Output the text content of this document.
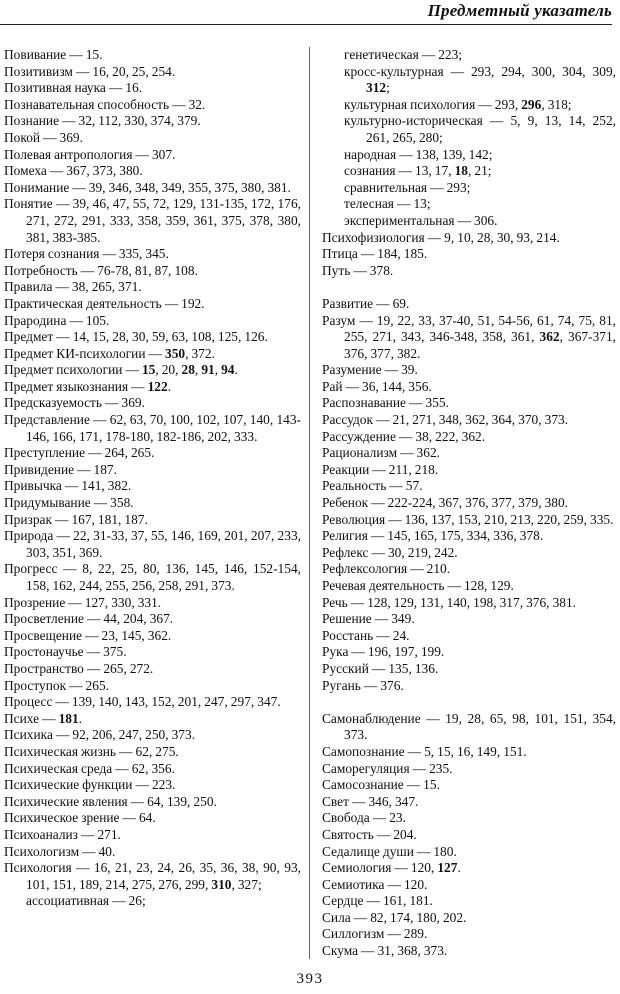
Предметный указатель
Повивание — 15.
Позитивизм — 16, 20, 25, 254.
Позитивная наука — 16.
Познавательная способность — 32.
Познание — 32, 112, 330, 374, 379.
Покой — 369.
Полевая антропология — 307.
Помеха — 367, 373, 380.
Понимание — 39, 346, 348, 349, 355, 375, 380, 381.
Понятие — 39, 46, 47, 55, 72, 129, 131-135, 172, 176, 271, 272, 291, 333, 358, 359, 361, 375, 378, 380, 381, 383-385.
Потеря сознания — 335, 345.
Потребность — 76-78, 81, 87, 108.
Правила — 38, 265, 371.
Практическая деятельность — 192.
Прародина — 105.
Предмет — 14, 15, 28, 30, 59, 63, 108, 125, 126.
Предмет КИ-психологии — 350, 372.
Предмет психологии — 15, 20, 28, 91, 94.
Предмет языкознания — 122.
Предсказуемость — 369.
Представление — 62, 63, 70, 100, 102, 107, 140, 143-146, 166, 171, 178-180, 182-186, 202, 333.
Преступление — 264, 265.
Привидение — 187.
Привычка — 141, 382.
Придумывание — 358.
Призрак — 167, 181, 187.
Природа — 22, 31-33, 37, 55, 146, 169, 201, 207, 233, 303, 351, 369.
Прогресс — 8, 22, 25, 80, 136, 145, 146, 152-154, 158, 162, 244, 255, 256, 258, 291, 373.
Прозрение — 127, 330, 331.
Просветление — 44, 204, 367.
Просвещение — 23, 145, 362.
Простонаучье — 375.
Пространство — 265, 272.
Проступок — 265.
Процесс — 139, 140, 143, 152, 201, 247, 297, 347.
Психе — 181.
Психика — 92, 206, 247, 250, 373.
Психическая жизнь — 62, 275.
Психическая среда — 62, 356.
Психические функции — 223.
Психические явления — 64, 139, 250.
Психическое зрение — 64.
Психоанализ — 271.
Психологизм — 40.
Психология — 16, 21, 23, 24, 26, 35, 36, 38, 90, 93, 101, 151, 189, 214, 275, 276, 299, 310, 327;
ассоциативная — 26;
генетическая — 223;
кросс-культурная — 293, 294, 300, 304, 309, 312;
культурная психология — 293, 296, 318;
культурно-историческая — 5, 9, 13, 14, 252, 261, 265, 280;
народная — 138, 139, 142;
сознания — 13, 17, 18, 21;
сравнительная — 293;
телесная — 13;
экспериментальная — 306.
Психофизиология — 9, 10, 28, 30, 93, 214.
Птица — 184, 185.
Путь — 378.
Развитие — 69.
Разум — 19, 22, 33, 37-40, 51, 54-56, 61, 74, 75, 81, 255, 271, 343, 346-348, 358, 361, 362, 367-371, 376, 377, 382.
Разумение — 39.
Рай — 36, 144, 356.
Распознавание — 355.
Рассудок — 21, 271, 348, 362, 364, 370, 373.
Рассуждение — 38, 222, 362.
Рационализм — 362.
Реакции — 211, 218.
Реальность — 57.
Ребенок — 222-224, 367, 376, 377, 379, 380.
Революция — 136, 137, 153, 210, 213, 220, 259, 335.
Религия — 145, 165, 175, 334, 336, 378.
Рефлекс — 30, 219, 242.
Рефлексология — 210.
Речевая деятельность — 128, 129.
Речь — 128, 129, 131, 140, 198, 317, 376, 381.
Решение — 349.
Росстань — 24.
Рука — 196, 197, 199.
Русский — 135, 136.
Ругань — 376.
Самонаблюдение — 19, 28, 65, 98, 101, 151, 354, 373.
Самопознание — 5, 15, 16, 149, 151.
Саморегуляция — 235.
Самосознание — 15.
Свет — 346, 347.
Свобода — 23.
Святость — 204.
Седалище души — 180.
Семиология — 120, 127.
Семиотика — 120.
Сердце — 161, 181.
Сила — 82, 174, 180, 202.
Силлогизм — 289.
Скума — 31, 368, 373.
393
